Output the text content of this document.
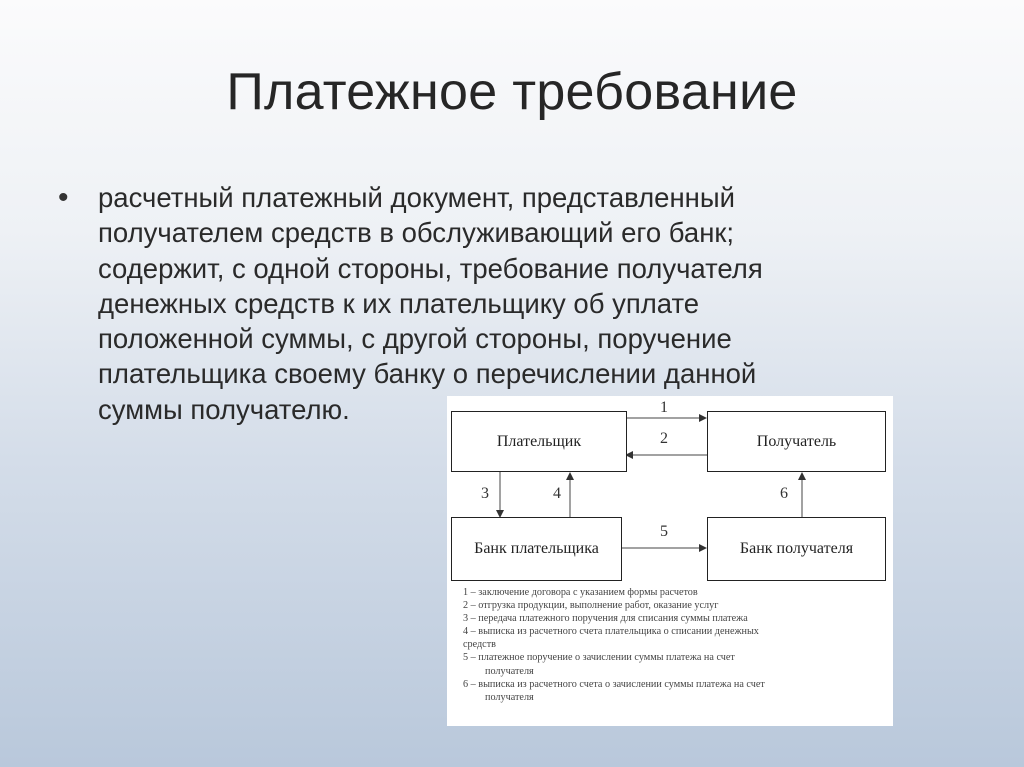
Платежное требование
• расчетный платежный документ, представленный
получателем средств в обслуживающий его банк;
содержит, с одной стороны, требование получателя
денежных средств к их плательщику об уплате
положенной суммы, с другой стороны, поручение
плательщика своему банку о перечислении данной
суммы получателю.
Плательщик	Получатель
Банк плательщика	Банк получателя
1
2
3	4
5
6
1 – заключение договора с указанием формы расчетов
2 – отгрузка продукции, выполнение работ, оказание услуг
3 – передача платежного поручения для списания суммы платежа
4 – выписка из расчетного счета плательщика о списании денежных
средств
5 – платежное поручение о зачислении суммы платежа на счет
получателя
6 – выписка из расчетного счета о зачислении суммы платежа на счет
получателя
